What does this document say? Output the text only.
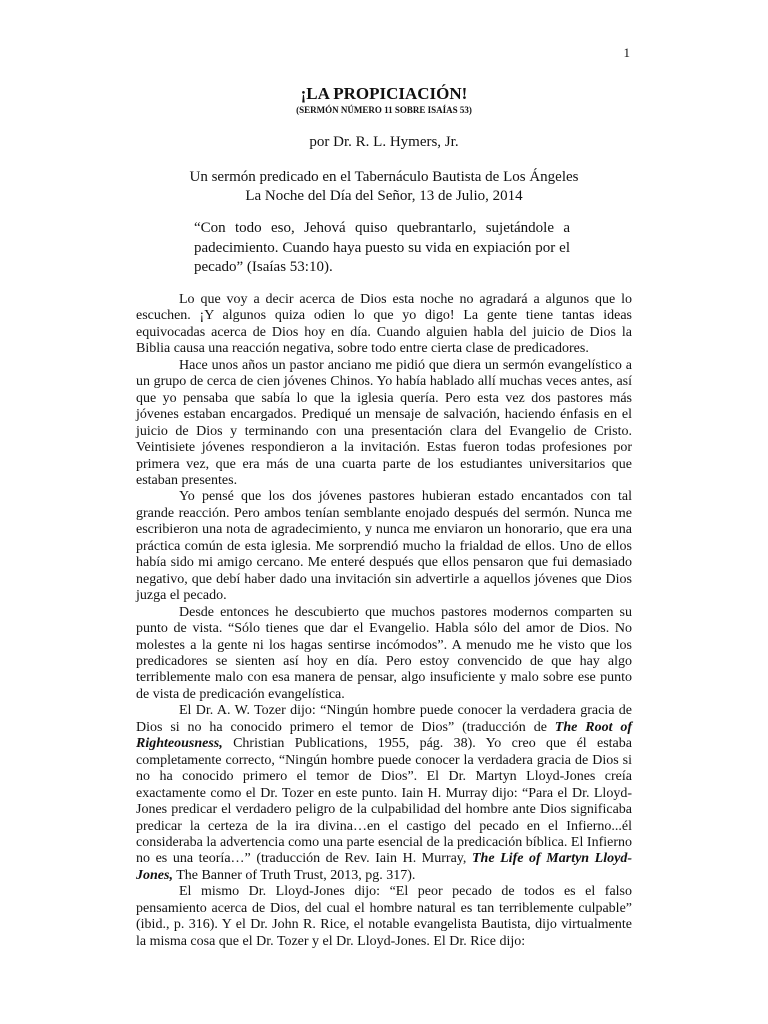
1
¡LA PROPICIACIÓN!
(SERMÓN NÚMERO 11 SOBRE ISAÍAS 53)
por Dr. R. L. Hymers, Jr.
Un sermón predicado en el Tabernáculo Bautista de Los Ángeles
La Noche del Día del Señor, 13 de Julio, 2014
“Con todo eso, Jehová quiso quebrantarlo, sujetándole a padecimiento. Cuando haya puesto su vida en expiación por el pecado” (Isaías 53:10).

Lo que voy a decir acerca de Dios esta noche no agradará a algunos que lo escuchen. ¡Y algunos quiza odien lo que yo digo! La gente tiene tantas ideas equivocadas acerca de Dios hoy en día. Cuando alguien habla del juicio de Dios la Biblia causa una reacción negativa, sobre todo entre cierta clase de predicadores.

Hace unos años un pastor anciano me pidió que diera un sermón evangelístico a un grupo de cerca de cien jóvenes Chinos. Yo había hablado allí muchas veces antes, así que yo pensaba que sabía lo que la iglesia quería. Pero esta vez dos pastores más jóvenes estaban encargados. Prediqué un mensaje de salvación, haciendo énfasis en el juicio de Dios y terminando con una presentación clara del Evangelio de Cristo. Veintisiete jóvenes respondieron a la invitación. Estas fueron todas profesiones por primera vez, que era más de una cuarta parte de los estudiantes universitarios que estaban presentes.

Yo pensé que los dos jóvenes pastores hubieran estado encantados con tal grande reacción. Pero ambos tenían semblante enojado después del sermón. Nunca me escribieron una nota de agradecimiento, y nunca me enviaron un honorario, que era una práctica común de esta iglesia. Me sorprendió mucho la frialdad de ellos. Uno de ellos había sido mi amigo cercano. Me enteré después que ellos pensaron que fui demasiado negativo, que debí haber dado una invitación sin advertirle a aquellos jóvenes que Dios juzga el pecado.

Desde entonces he descubierto que muchos pastores modernos comparten su punto de vista. “Sólo tienes que dar el Evangelio. Habla sólo del amor de Dios. No molestes a la gente ni los hagas sentirse incómodos”. A menudo me he visto que los predicadores se sienten así hoy en día. Pero estoy convencido de que hay algo terriblemente malo con esa manera de pensar, algo insuficiente y malo sobre ese punto de vista de predicación evangelística.

El Dr. A. W. Tozer dijo: “Ningún hombre puede conocer la verdadera gracia de Dios si no ha conocido primero el temor de Dios” (traducción de The Root of Righteousness, Christian Publications, 1955, pág. 38). Yo creo que él estaba completamente correcto, “Ningún hombre puede conocer la verdadera gracia de Dios si no ha conocido primero el temor de Dios”. El Dr. Martyn Lloyd-Jones creía exactamente como el Dr. Tozer en este punto. Iain H. Murray dijo: “Para el Dr. Lloyd-Jones predicar el verdadero peligro de la culpabilidad del hombre ante Dios significaba predicar la certeza de la ira divina…en el castigo del pecado en el Infierno...él consideraba la advertencia como una parte esencial de la predicación bíblica. El Infierno no es una teoría…” (traducción de Rev. Iain H. Murray, The Life of Martyn Lloyd-Jones, The Banner of Truth Trust, 2013, pg. 317).

El mismo Dr. Lloyd-Jones dijo: “El peor pecado de todos es el falso pensamiento acerca de Dios, del cual el hombre natural es tan terriblemente culpable” (ibid., p. 316). Y el Dr. John R. Rice, el notable evangelista Bautista, dijo virtualmente la misma cosa que el Dr. Tozer y el Dr. Lloyd-Jones. El Dr. Rice dijo:
